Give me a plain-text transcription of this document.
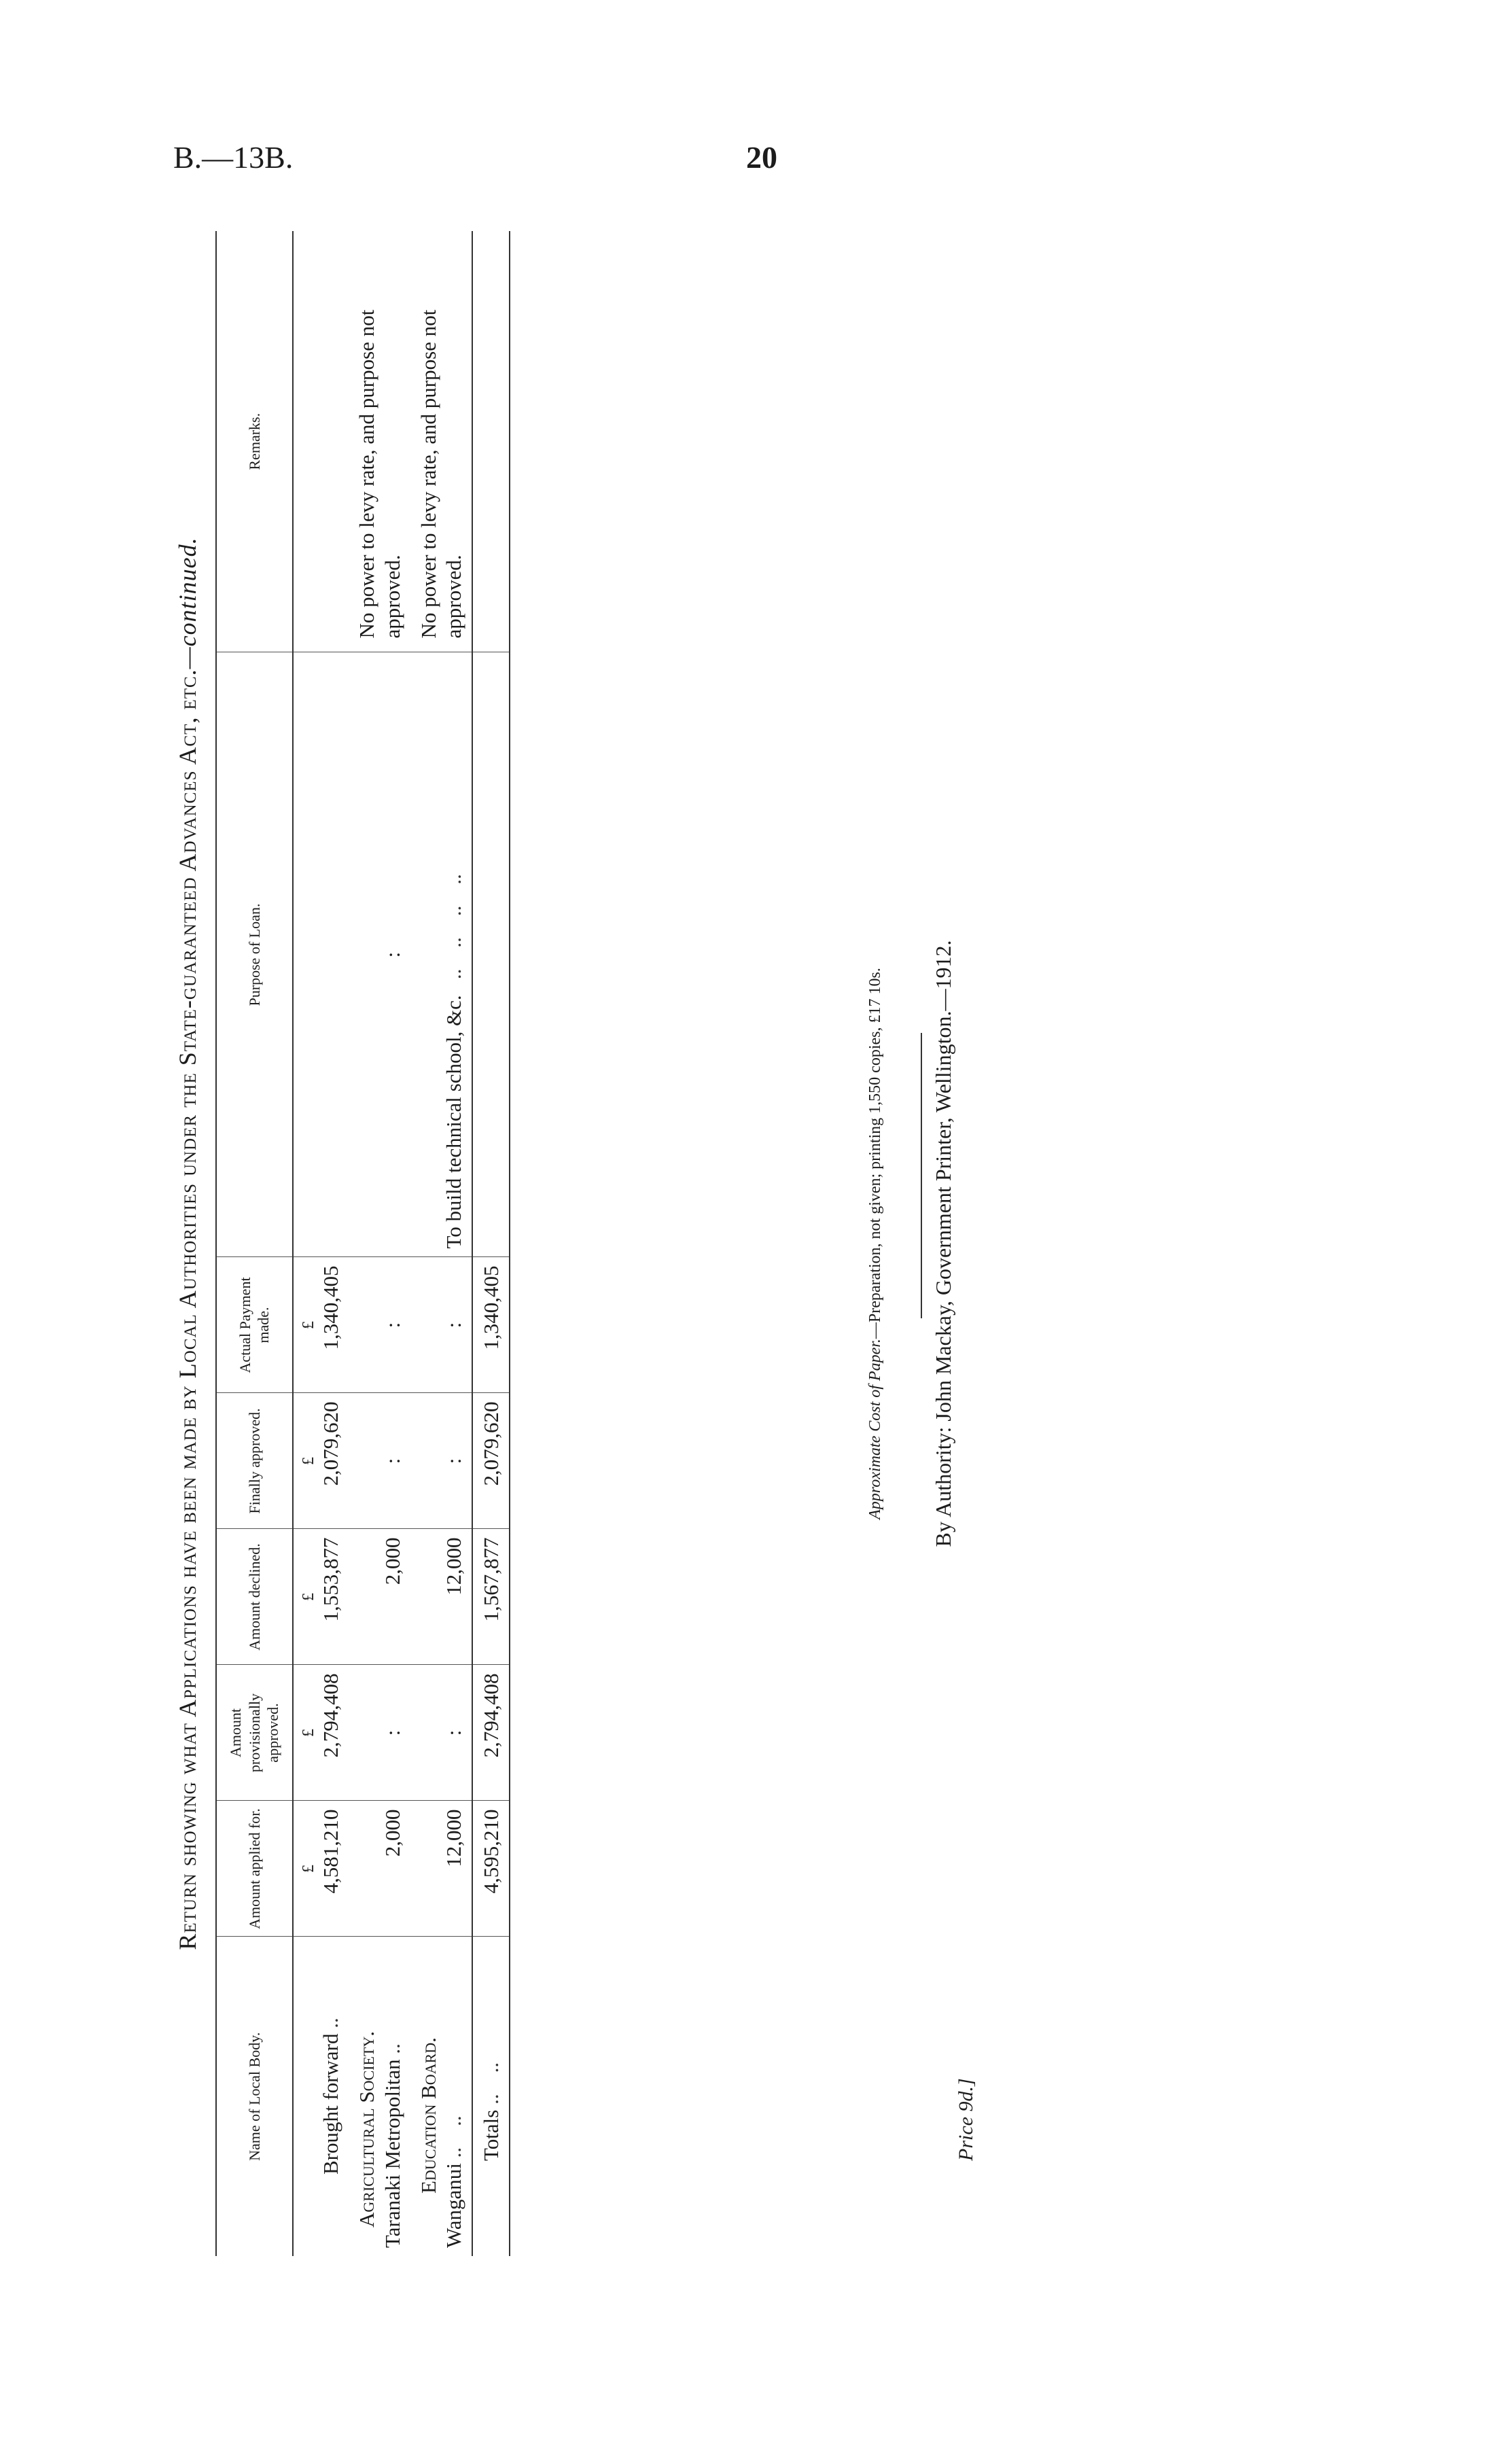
B.—13B.	20
Return showing what Applications have been made by Local Authorities under the State-guaranteed Advances Act, etc.—continued.
Name of Local Body.	Amount applied for.	Amount provisionally approved.	Amount declined.	Finally approved.	Actual Payment made.	Purpose of Loan.	Remarks.
Brought forward ..	£ 4,581,210	£ 2,794,408	£ 1,553,877	£ 2,079,620	£ 1,340,405		

Agricultural Society. Taranaki Metropolitan ..	2,000	:	2,000	:	:	:	No power to levy rate, and purpose not approved.

Education Board.
Wanganui ..    ..	12,000	:	12,000	:	:	To build technical school, &c.   ..    ..    ..    ..	No power to levy rate, and purpose not approved.
Totals ..    ..	4,595,210	2,794,408	1,567,877	2,079,620	1,340,405		
Approximate Cost of Paper.—Preparation, not given; printing 1,550 copies, £17 10s. By Authority: John Mackay, Government Printer, Wellington.—1912.
Price 9d.]
